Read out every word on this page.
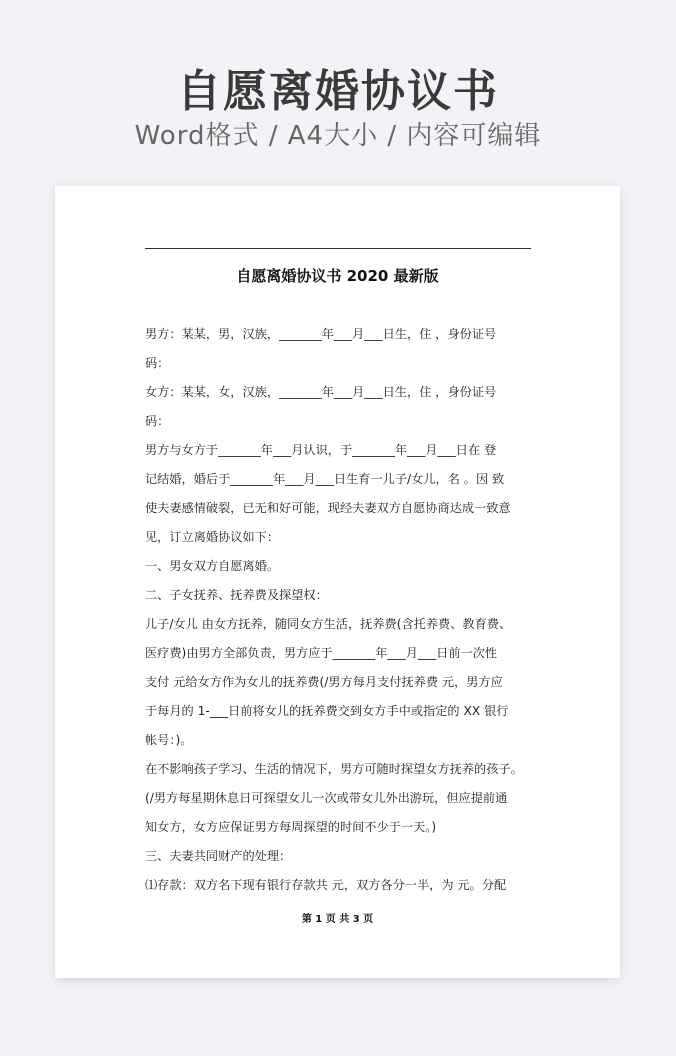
自愿离婚协议书
Word格式 / A4大小 / 内容可编辑
自愿离婚协议书 2020 最新版

男方：某某，男，汉族，_______年___月___日生，住 ，身份证号

码：

女方：某某，女，汉族，_______年___月___日生，住 ，身份证号

码：

男方与女方于_______年___月认识，于_______年___月___日在 登

记结婚，婚后于_______年___月___日生育一儿子/女儿，名 。因 致

使夫妻感情破裂，已无和好可能，现经夫妻双方自愿协商达成一致意

见，订立离婚协议如下：

一、男女双方自愿离婚。

二、子女抚养、抚养费及探望权：

儿子/女儿 由女方抚养，随同女方生活，抚养费(含托养费、教育费、

医疗费)由男方全部负责，男方应于_______年___月___日前一次性

支付 元给女方作为女儿的抚养费(/男方每月支付抚养费 元，男方应

于每月的 1-___日前将女儿的抚养费交到女方手中或指定的 XX 银行

帐号：)。

在不影响孩子学习、生活的情况下，男方可随时探望女方抚养的孩子。

(/男方每星期休息日可探望女儿一次或带女儿外出游玩，但应提前通

知女方，女方应保证男方每周探望的时间不少于一天。)

三、夫妻共同财产的处理：

⑴存款：双方名下现有银行存款共 元，双方各分一半，为 元。分配

第 1 页 共 3 页
